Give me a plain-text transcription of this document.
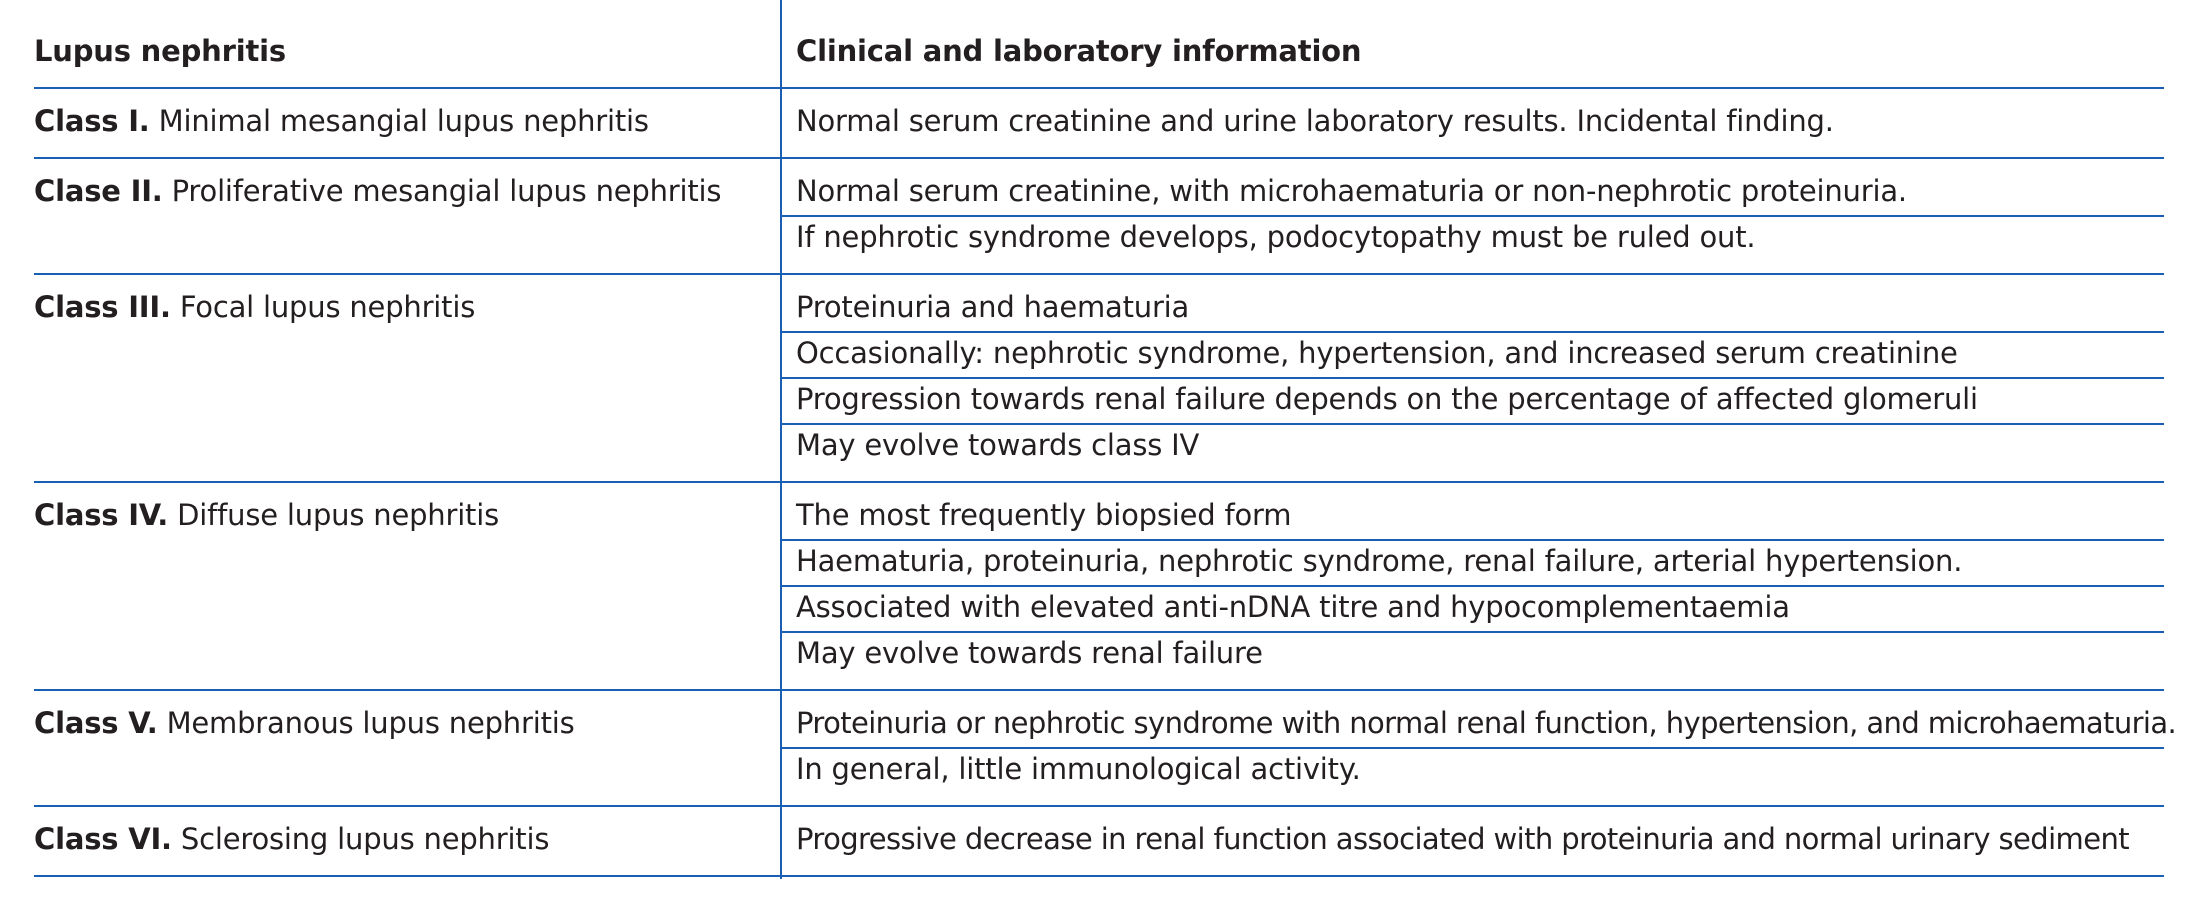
Lupus nephritis	Clinical and laboratory information
Class I. Minimal mesangial lupus nephritis	Normal serum creatinine and urine laboratory results. Incidental finding.
Clase II. Proliferative mesangial lupus nephritis	Normal serum creatinine, with microhaematuria or non-nephrotic proteinuria.
If nephrotic syndrome develops, podocytopathy must be ruled out.
Class III. Focal lupus nephritis	Proteinuria and haematuria
Occasionally: nephrotic syndrome, hypertension, and increased serum creatinine
Progression towards renal failure depends on the percentage of affected glomeruli
May evolve towards class IV
Class IV. Diffuse lupus nephritis	The most frequently biopsied form
Haematuria, proteinuria, nephrotic syndrome, renal failure, arterial hypertension.
Associated with elevated anti-nDNA titre and hypocomplementaemia
May evolve towards renal failure
Class V. Membranous lupus nephritis	Proteinuria or nephrotic syndrome with normal renal function, hypertension, and microhaematuria.
In general, little immunological activity.
Class VI. Sclerosing lupus nephritis	Progressive decrease in renal function associated with proteinuria and normal urinary sediment
